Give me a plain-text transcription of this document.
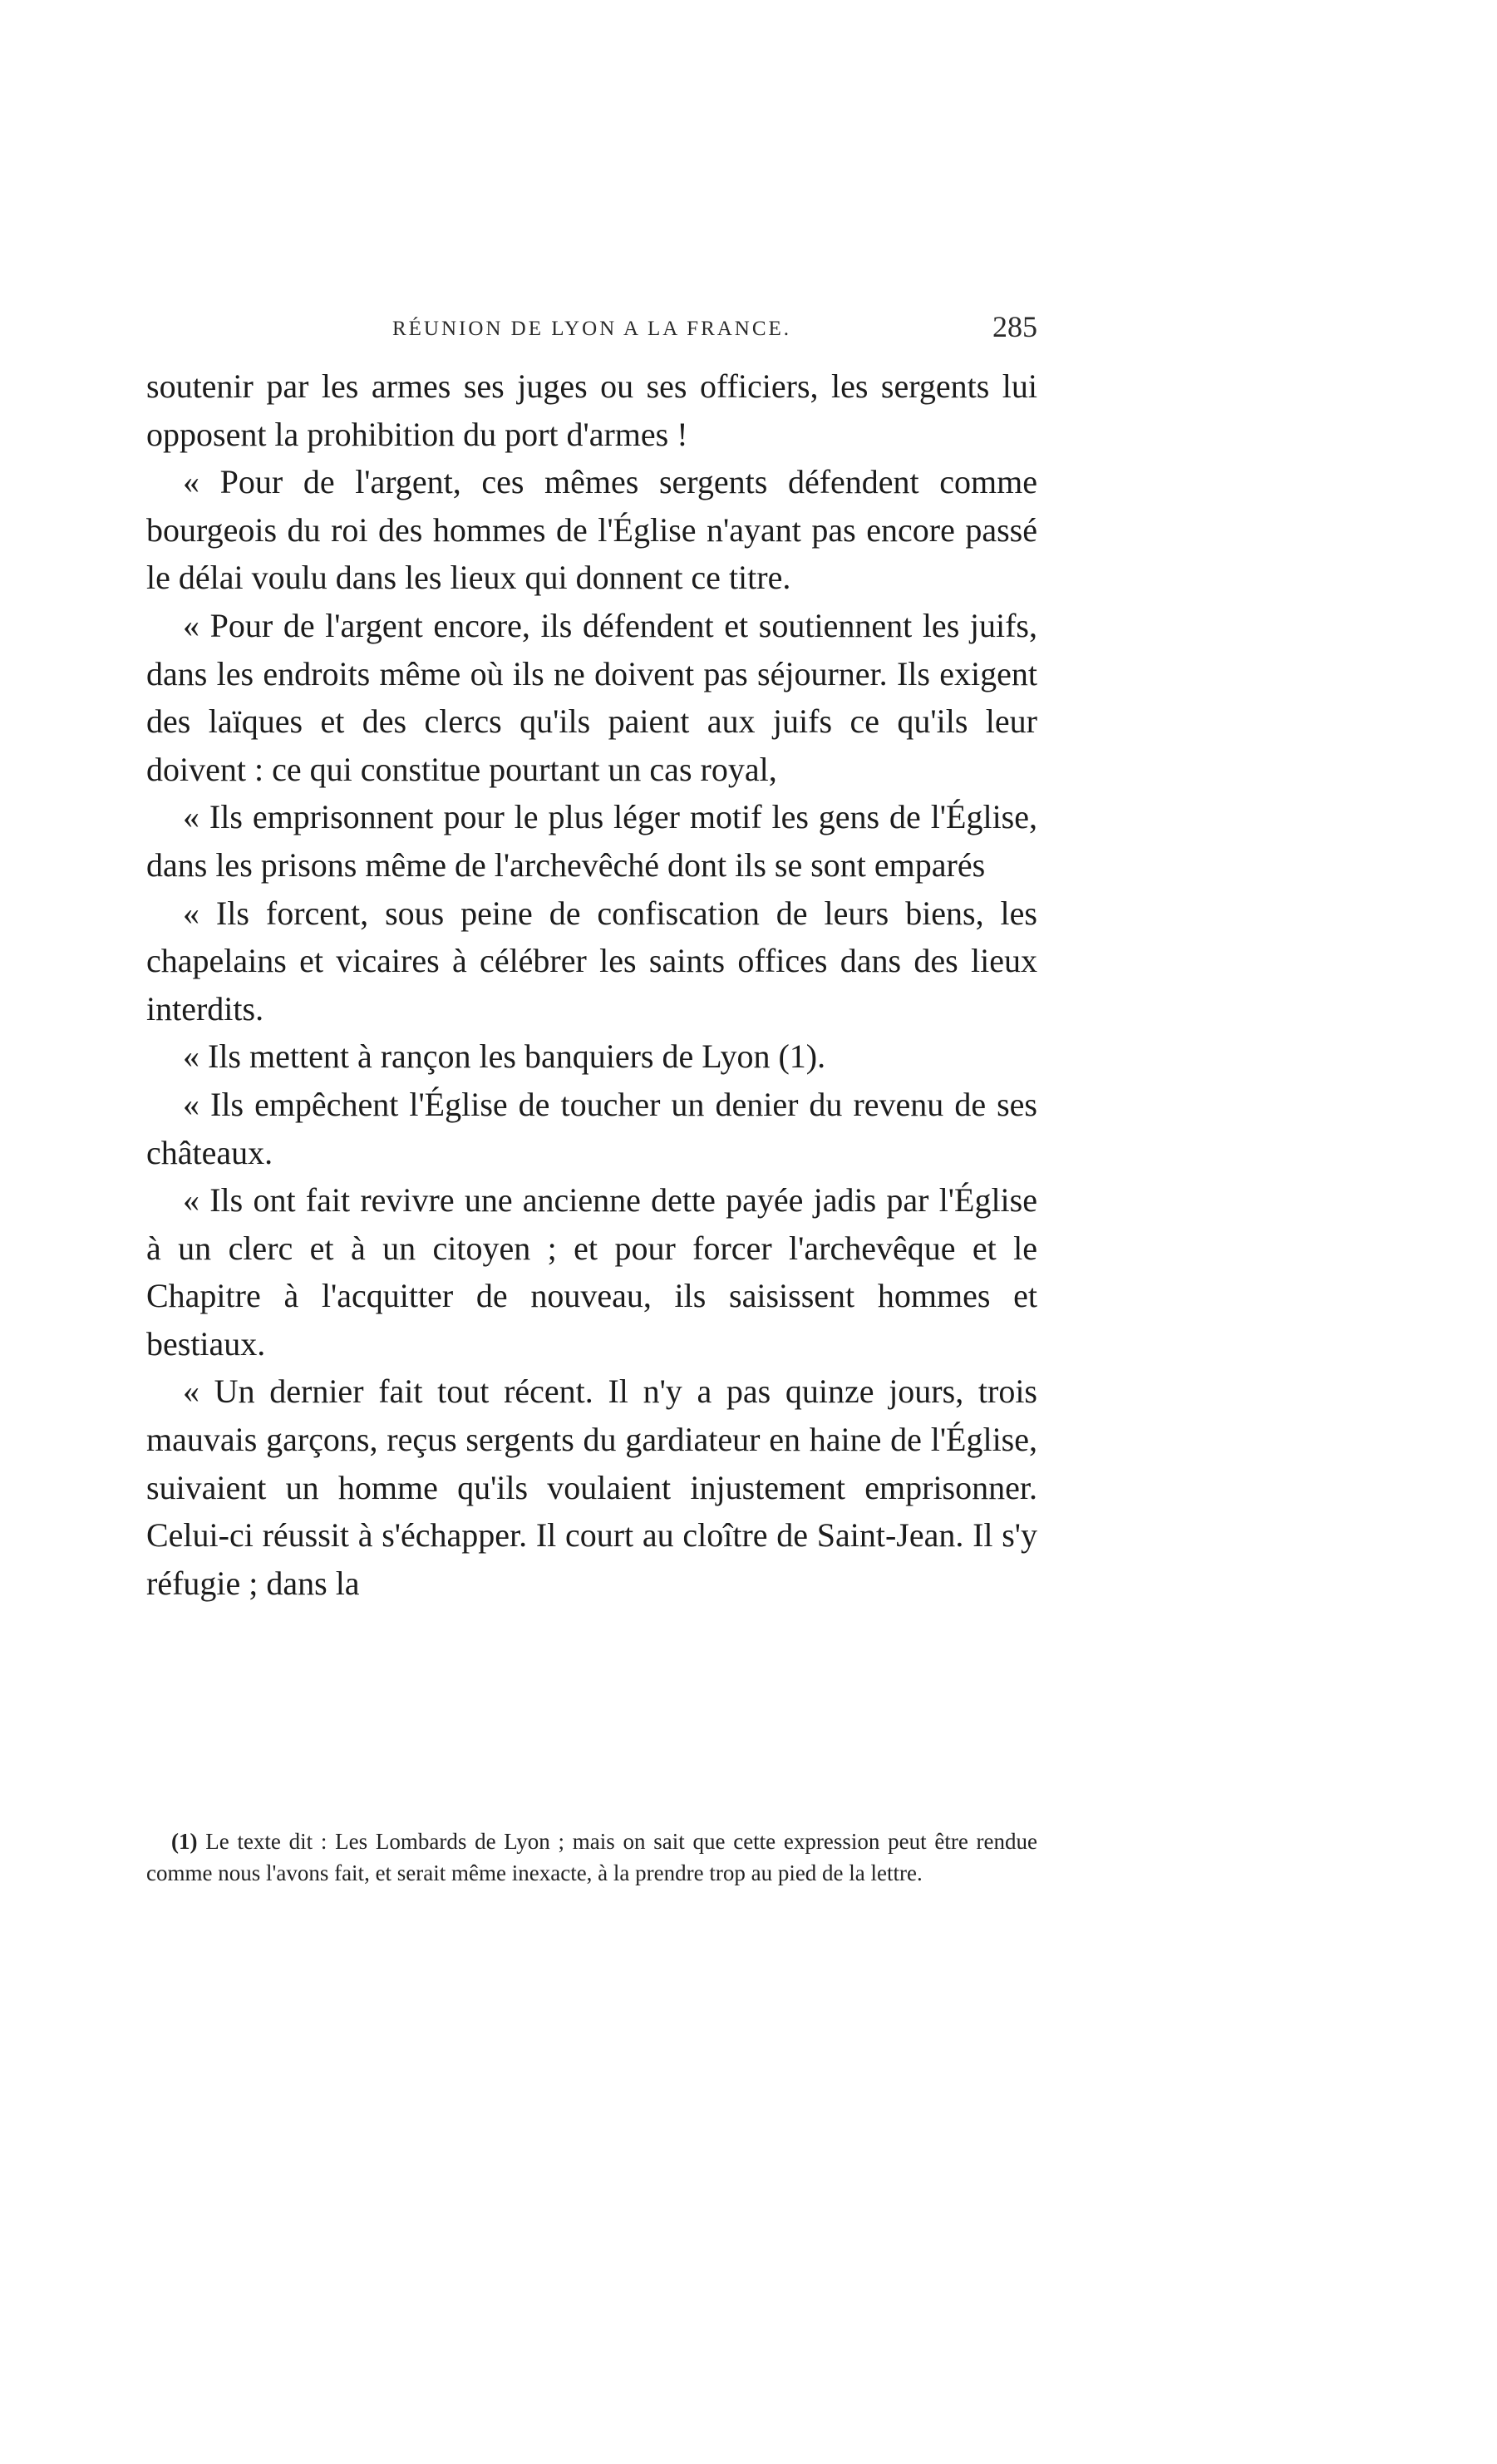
RÉUNION DE LYON A LA FRANCE.	285

soutenir par les armes ses juges ou ses officiers, les sergents lui opposent la prohibition du port d'armes !

« Pour de l'argent, ces mêmes sergents défendent comme bourgeois du roi des hommes de l'Église n'ayant pas encore passé le délai voulu dans les lieux qui donnent ce titre.

« Pour de l'argent encore, ils défendent et soutiennent les juifs, dans les endroits même où ils ne doivent pas séjourner. Ils exigent des laïques et des clercs qu'ils paient aux juifs ce qu'ils leur doivent : ce qui constitue pourtant un cas royal,

« Ils emprisonnent pour le plus léger motif les gens de l'Église, dans les prisons même de l'archevêché dont ils se sont emparés

« Ils forcent, sous peine de confiscation de leurs biens, les chapelains et vicaires à célébrer les saints offices dans des lieux interdits.

« Ils mettent à rançon les banquiers de Lyon (1).

« Ils empêchent l'Église de toucher un denier du revenu de ses châteaux.

« Ils ont fait revivre une ancienne dette payée jadis par l'Église à un clerc et à un citoyen ; et pour forcer l'archevêque et le Chapitre à l'acquitter de nouveau, ils saisissent hommes et bestiaux.

« Un dernier fait tout récent. Il n'y a pas quinze jours, trois mauvais garçons, reçus sergents du gardiateur en haine de l'Église, suivaient un homme qu'ils voulaient injustement emprisonner. Celui-ci réussit à s'échapper. Il court au cloître de Saint-Jean. Il s'y réfugie ; dans la

(1) Le texte dit : Les Lombards de Lyon ; mais on sait que cette expression peut être rendue comme nous l'avons fait, et serait même inexacte, à la prendre trop au pied de la lettre.
